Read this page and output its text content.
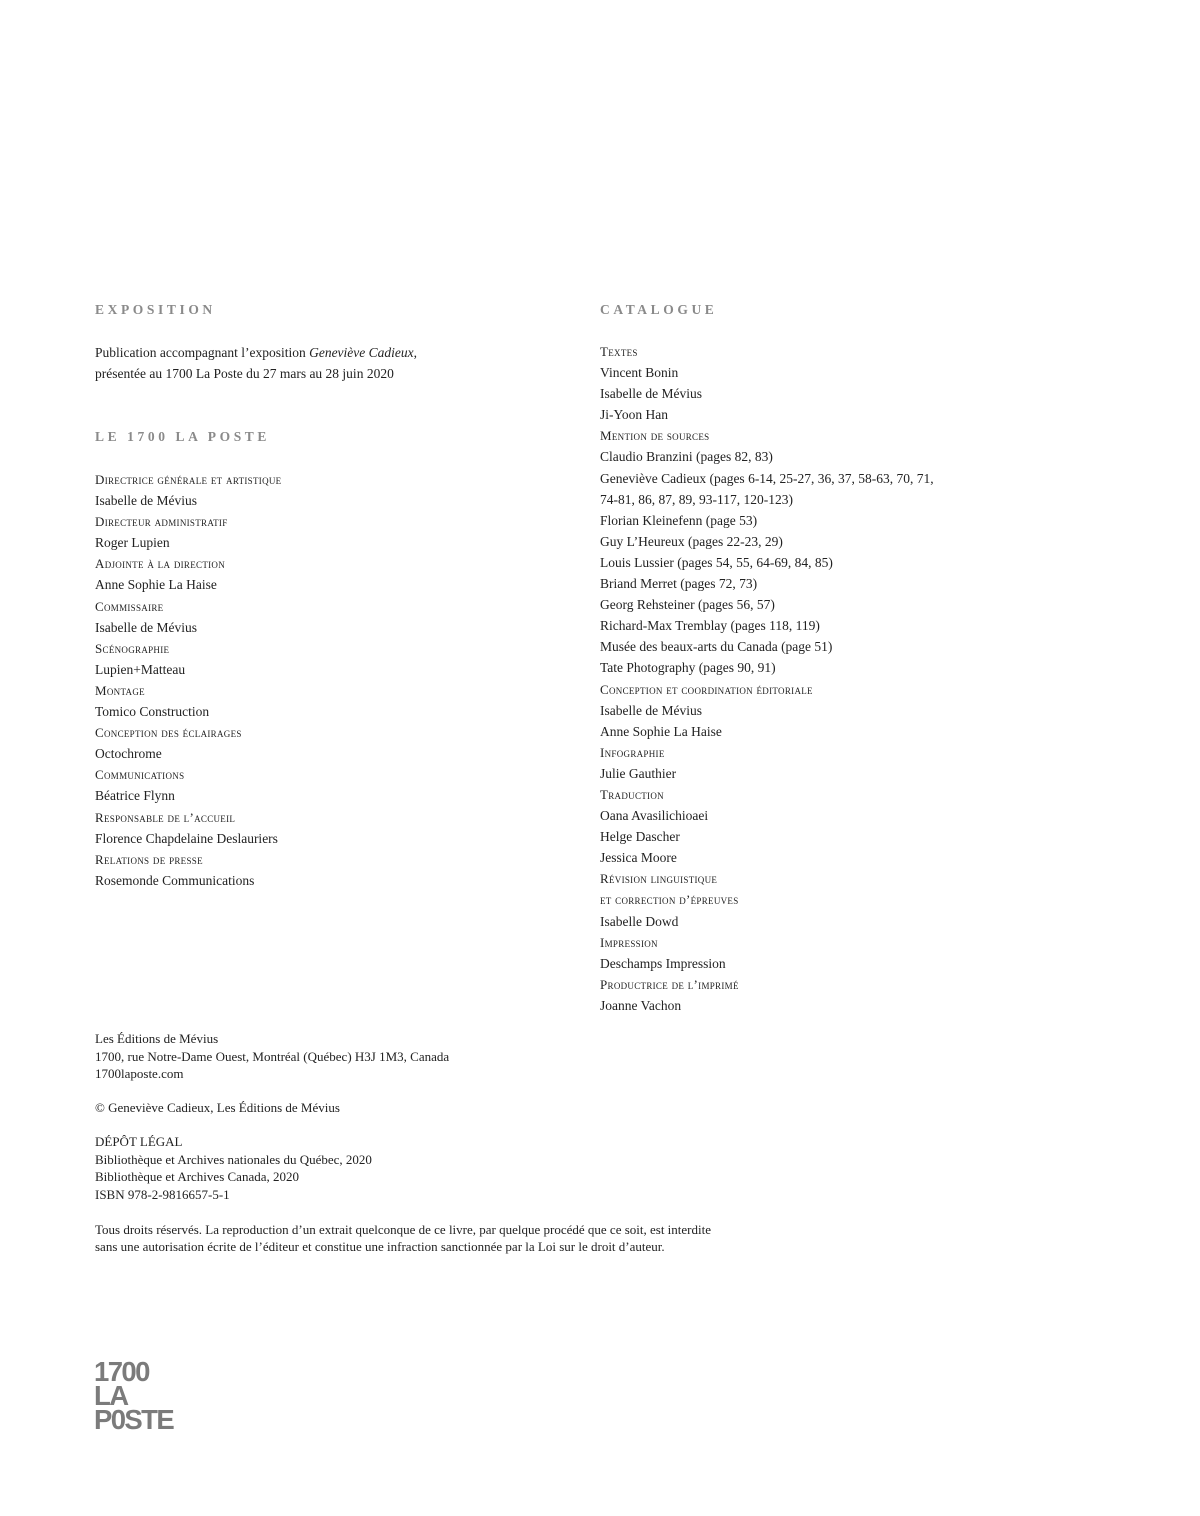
EXPOSITION
Publication accompagnant l’exposition Geneviève Cadieux,
présentée au 1700 La Poste du 27 mars au 28 juin 2020
LE 1700 LA POSTE
Directrice générale et artistique
Isabelle de Mévius
Directeur administratif
Roger Lupien
Adjointe à la direction
Anne Sophie La Haise
Commissaire
Isabelle de Mévius
Scénographie
Lupien+Matteau
Montage
Tomico Construction
Conception des éclairages
Octochrome
Communications
Béatrice Flynn
Responsable de l’accueil
Florence Chapdelaine Deslauriers
Relations de presse
Rosemonde Communications
CATALOGUE
Textes
Vincent Bonin
Isabelle de Mévius
Ji-Yoon Han
Mention de sources
Claudio Branzini (pages 82, 83)
Geneviève Cadieux (pages 6-14, 25-27, 36, 37, 58-63, 70, 71,
74-81, 86, 87, 89, 93-117, 120-123)
Florian Kleinefenn (page 53)
Guy L’Heureux (pages 22-23, 29)
Louis Lussier (pages 54, 55, 64-69, 84, 85)
Briand Merret (pages 72, 73)
Georg Rehsteiner (pages 56, 57)
Richard-Max Tremblay (pages 118, 119)
Musée des beaux-arts du Canada (page 51)
Tate Photography (pages 90, 91)
Conception et coordination éditoriale
Isabelle de Mévius
Anne Sophie La Haise
Infographie
Julie Gauthier
Traduction
Oana Avasilichioaei
Helge Dascher
Jessica Moore
Révision linguistique
et correction d’épreuves
Isabelle Dowd
Impression
Deschamps Impression
Productrice de l’imprimé
Joanne Vachon

Les Éditions de Mévius

1700, rue Notre-Dame Ouest, Montréal (Québec) H3J 1M3, Canada

1700laposte.com

© Geneviève Cadieux, Les Éditions de Mévius

DÉPÔT LÉGAL

Bibliothèque et Archives nationales du Québec, 2020

Bibliothèque et Archives Canada, 2020

ISBN 978-2-9816657-5-1

Tous droits réservés. La reproduction d’un extrait quelconque de ce livre, par quelque procédé que ce soit, est interdite

sans une autorisation écrite de l’éditeur et constitue une infraction sanctionnée par la Loi sur le droit d’auteur.

1700
LA
P0STE
